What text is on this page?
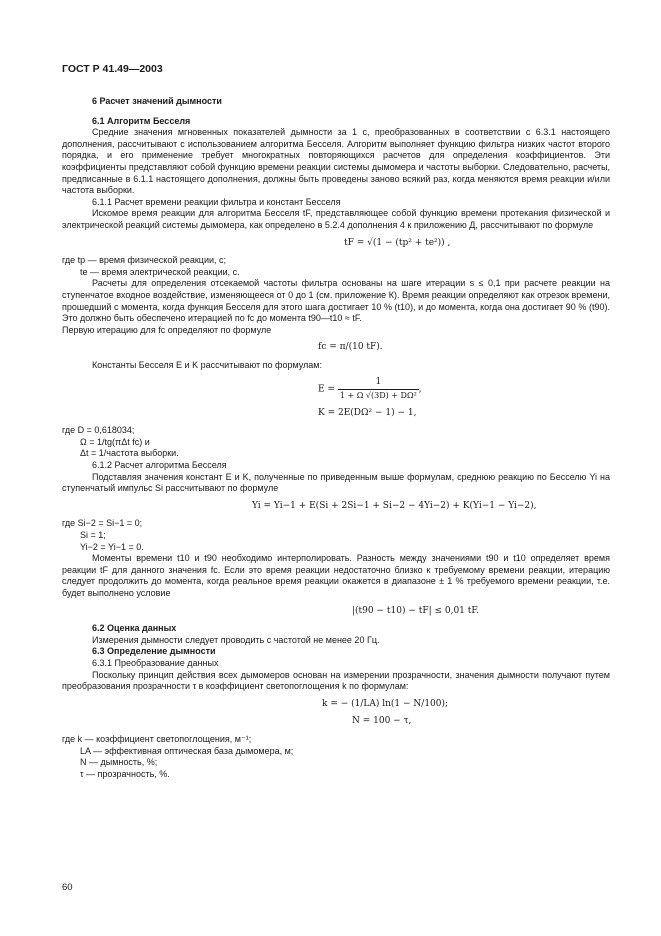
ГОСТ Р 41.49—2003
6 Расчет значений дымности
6.1 Алгоритм Бесселя

Средние значения мгновенных показателей дымности за 1 с, преобразованных в соответствии с 6.3.1 настоящего дополнения, рассчитывают с использованием алгоритма Бесселя. Алгоритм выполняет функцию фильтра низких частот второго порядка, и его применение требует многократных повторяющихся расчетов для определения коэффициентов. Эти коэффициенты представляют собой функцию времени реакции системы дымомера и частоты выборки. Следовательно, расчеты, предписанные в 6.1.1 настоящего дополнения, должны быть проведены заново всякий раз, когда меняются время реакции и/или частота выборки.

6.1.1 Расчет времени реакции фильтра и констант Бесселя

Искомое время реакции для алгоритма Бесселя tF, представляющее собой функцию времени протекания физической и электрической реакций системы дымомера, как определено в 5.2.4 дополнения 4 к приложению Д, рассчитывают по формуле

tF = √(1 − (tp² + te²)) ,

где tp — время физической реакции, с;

te — время электрической реакции, с.

Расчеты для определения отсекаемой частоты фильтра основаны на шаге итерации s ≤ 0,1 при расчете реакции на ступенчатое входное воздействие, изменяющееся от 0 до 1 (см. приложение К). Время реакции определяют как отрезок времени, прошедший с момента, когда функция Бесселя для этого шага достигает 10 % (t10), и до момента, когда она достигает 90 % (t90). Это должно быть обеспечено итерацией по fc до момента t90—t10 ≈ tF.

Первую итерацию для fc определяют по формуле

fc = π/(10 tF).

Константы Бесселя E и K рассчитывают по формулам:

$E = \frac{1}{\text{1 + Ω √(3D) + DΩ²}}$ ,
K = 2E(DΩ² − 1) − 1,

где D = 0,618034;

Ω = 1/tg(πΔt fc) и

Δt = 1/частота выборки.

6.1.2 Расчет алгоритма Бесселя

Подставляя значения констант E и K, полученные по приведенным выше формулам, среднюю реакцию по Бесселю Yi на ступенчатый импульс Si рассчитывают по формуле

Yi = Yi−1 + E(Si + 2Si−1 + Si−2 − 4Yi−2) + K(Yi−1 − Yi−2),

где Si−2 = Si−1 = 0;

Si = 1;

Yi−2 = Yi−1 = 0.

Моменты времени t10 и t90 необходимо интерполировать. Разность между значениями t90 и t10 определяет время реакции tF для данного значения fc. Если это время реакции недостаточно близко к требуемому времени реакции, итерацию следует продолжить до момента, когда реальное время реакции окажется в диапазоне ± 1 % требуемого времени реакции, т.е. будет выполнено условие

|(t90 − t10) − tF| ≤ 0,01 tF.
6.2 Оценка данных

Измерения дымности следует проводить с частотой не менее 20 Гц.

6.3 Определение дымности
6.3.1 Преобразование данных

Поскольку принцип действия всех дымомеров основан на измерении прозрачности, значения дымности получают путем преобразования прозрачности τ в коэффициент светопоглощения k по формулам:

k = − (1/LA) ln(1 − N/100);
N = 100 − τ,

где k — коэффициент светопоглощения, м⁻¹;

LA — эффективная оптическая база дымомера, м;

N — дымность, %;

τ — прозрачность, %.

60
